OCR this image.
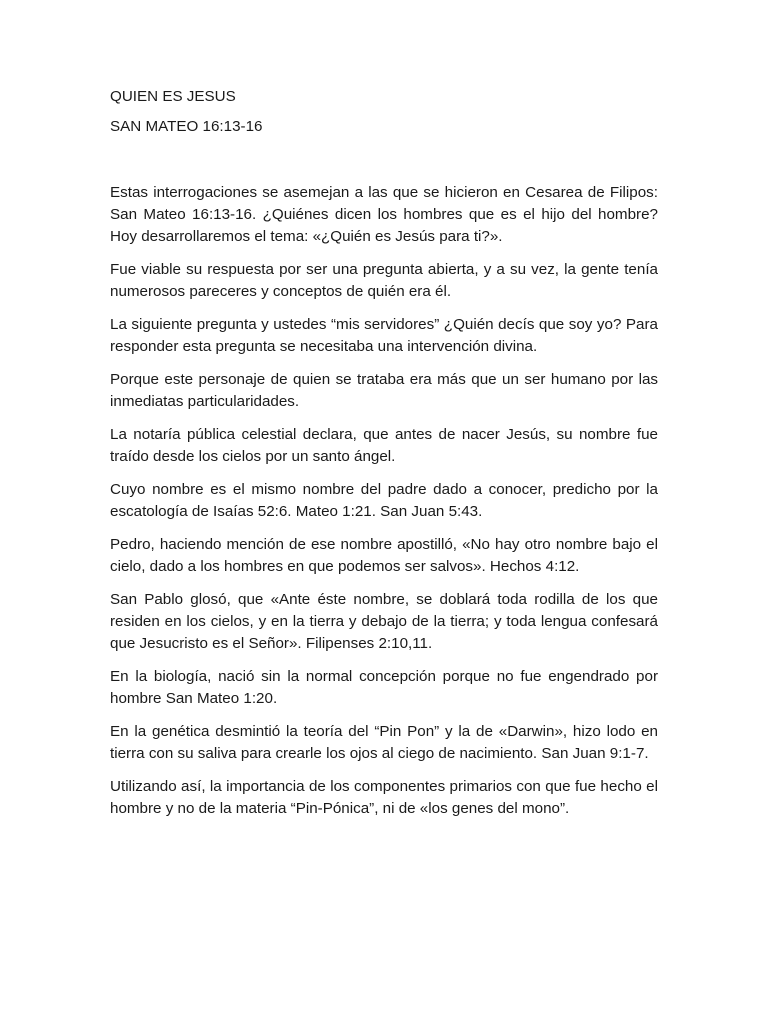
QUIEN ES JESUS
SAN MATEO 16:13-16

Estas interrogaciones se asemejan a las que se hicieron en Cesarea de Filipos: San Mateo 16:13-16. ¿Quiénes dicen los hombres que es el hijo del hombre? Hoy desarrollaremos el tema: «¿Quién es Jesús para ti?».

Fue viable su respuesta por ser una pregunta abierta, y a su vez, la gente tenía numerosos pareceres y conceptos de quién era él.

La siguiente pregunta y ustedes “mis servidores” ¿Quién decís que soy yo? Para responder esta pregunta se necesitaba una intervención divina.

Porque este personaje de quien se trataba era más que un ser humano por las inmediatas particularidades.

La notaría pública celestial declara, que antes de nacer Jesús, su nombre fue traído desde los cielos por un santo ángel.

Cuyo nombre es el mismo nombre del padre dado a conocer, predicho por la escatología de Isaías 52:6. Mateo 1:21. San Juan 5:43.

Pedro, haciendo mención de ese nombre apostilló, «No hay otro nombre bajo el cielo, dado a los hombres en que podemos ser salvos». Hechos 4:12.

San Pablo glosó, que «Ante éste nombre, se doblará toda rodilla de los que residen en los cielos, y en la tierra y debajo de la tierra; y toda lengua confesará que Jesucristo es el Señor». Filipenses 2:10,11.

En la biología, nació sin la normal concepción porque no fue engendrado por hombre San Mateo 1:20.

En la genética desmintió la teoría del “Pin Pon” y la de «Darwin», hizo lodo en tierra con su saliva para crearle los ojos al ciego de nacimiento. San Juan 9:1-7.

Utilizando así, la importancia de los componentes primarios con que fue hecho el hombre y no de la materia “Pin-Pónica”, ni de «los genes del mono”.
